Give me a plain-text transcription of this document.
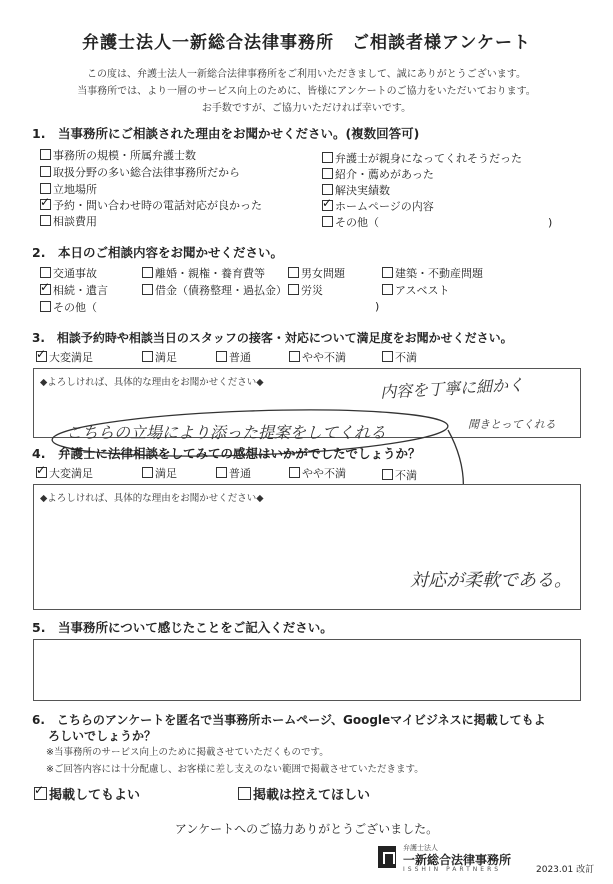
弁護士法人一新総合法律事務所　ご相談者様アンケート
この度は、弁護士法人一新総合法律事務所をご利用いただきまして、誠にありがとうございます。
当事務所では、より一層のサービス向上のために、皆様にアンケートのご協力をいただいております。
お手数ですが、ご協力いただければ幸いです。
1.　当事務所にご相談された理由をお聞かせください。(複数回答可)
事務所の規模・所属弁護士数
取扱分野の多い総合法律事務所だから
立地場所
✓予約・問い合わせ時の電話対応が良かった
相談費用
弁護士が親身になってくれそうだった
紹介・薦めがあった
解決実績数
✓ホームページの内容
その他（	)
2.　本日のご相談内容をお聞かせください。
交通事故	離婚・親権・養育費等	男女問題	建築・不動産問題
✓相続・遺言	借金（債務整理・過払金）	労災	アスベスト
その他（	)
3.　相談予約時や相談当日のスタッフの接客・対応について満足度をお聞かせください。
✓大変満足	満足	普通	やや不満	不満
◆よろしければ、具体的な理由をお聞かせください◆	内容を丁寧に細かく
聞きとってくれる
こちらの立場により添った提案をしてくれる
4.　弁護士に法律相談をしてみての感想はいかがでしたでしょうか？
✓大変満足	満足	普通	やや不満	不満
◆よろしければ、具体的な理由をお聞かせください◆
対応が柔軟である。
5.　当事務所について感じたことをご記入ください。
6.　こちらのアンケートを匿名で当事務所ホームページ、Googleマイビジネスに掲載してもよ
ろしいでしょうか？
※当事務所のサービス向上のために掲載させていただくものです。
※ご回答内容には十分配慮し、お客様に差し支えのない範囲で掲載させていただきます。
✓掲載してもよい	掲載は控えてほしい
アンケートへのご協力ありがとうございました。
弁護士法人
一新総合法律事務所
ISSHIN PARTNERS	2023.01 改訂
